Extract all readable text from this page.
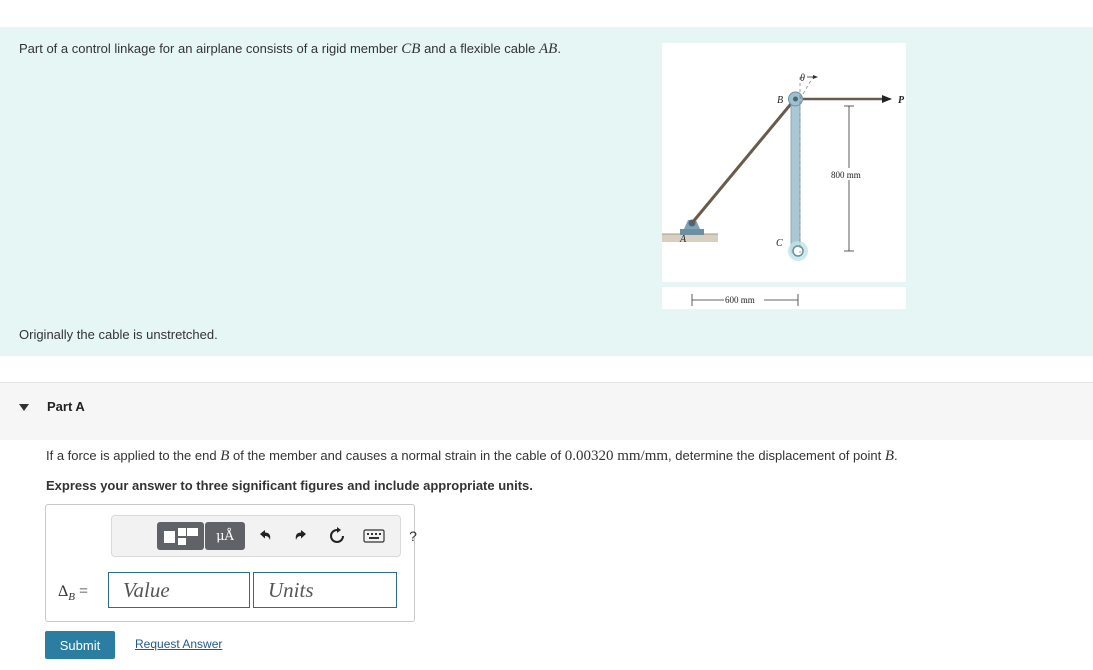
Part of a control linkage for an airplane consists of a rigid member CB and a flexible cable AB.
Originally the cable is unstretched.
A
B
C
P
θ
800 mm
600 mm
Part A
If a force is applied to the end B of the member and causes a normal strain in the cable of 0.00320 mm/mm, determine the displacement of point B.
Express your answer to three significant figures and include appropriate units.
μÅ	?
$\Delta_B$ =
Value
Units
Submit	Request Answer
